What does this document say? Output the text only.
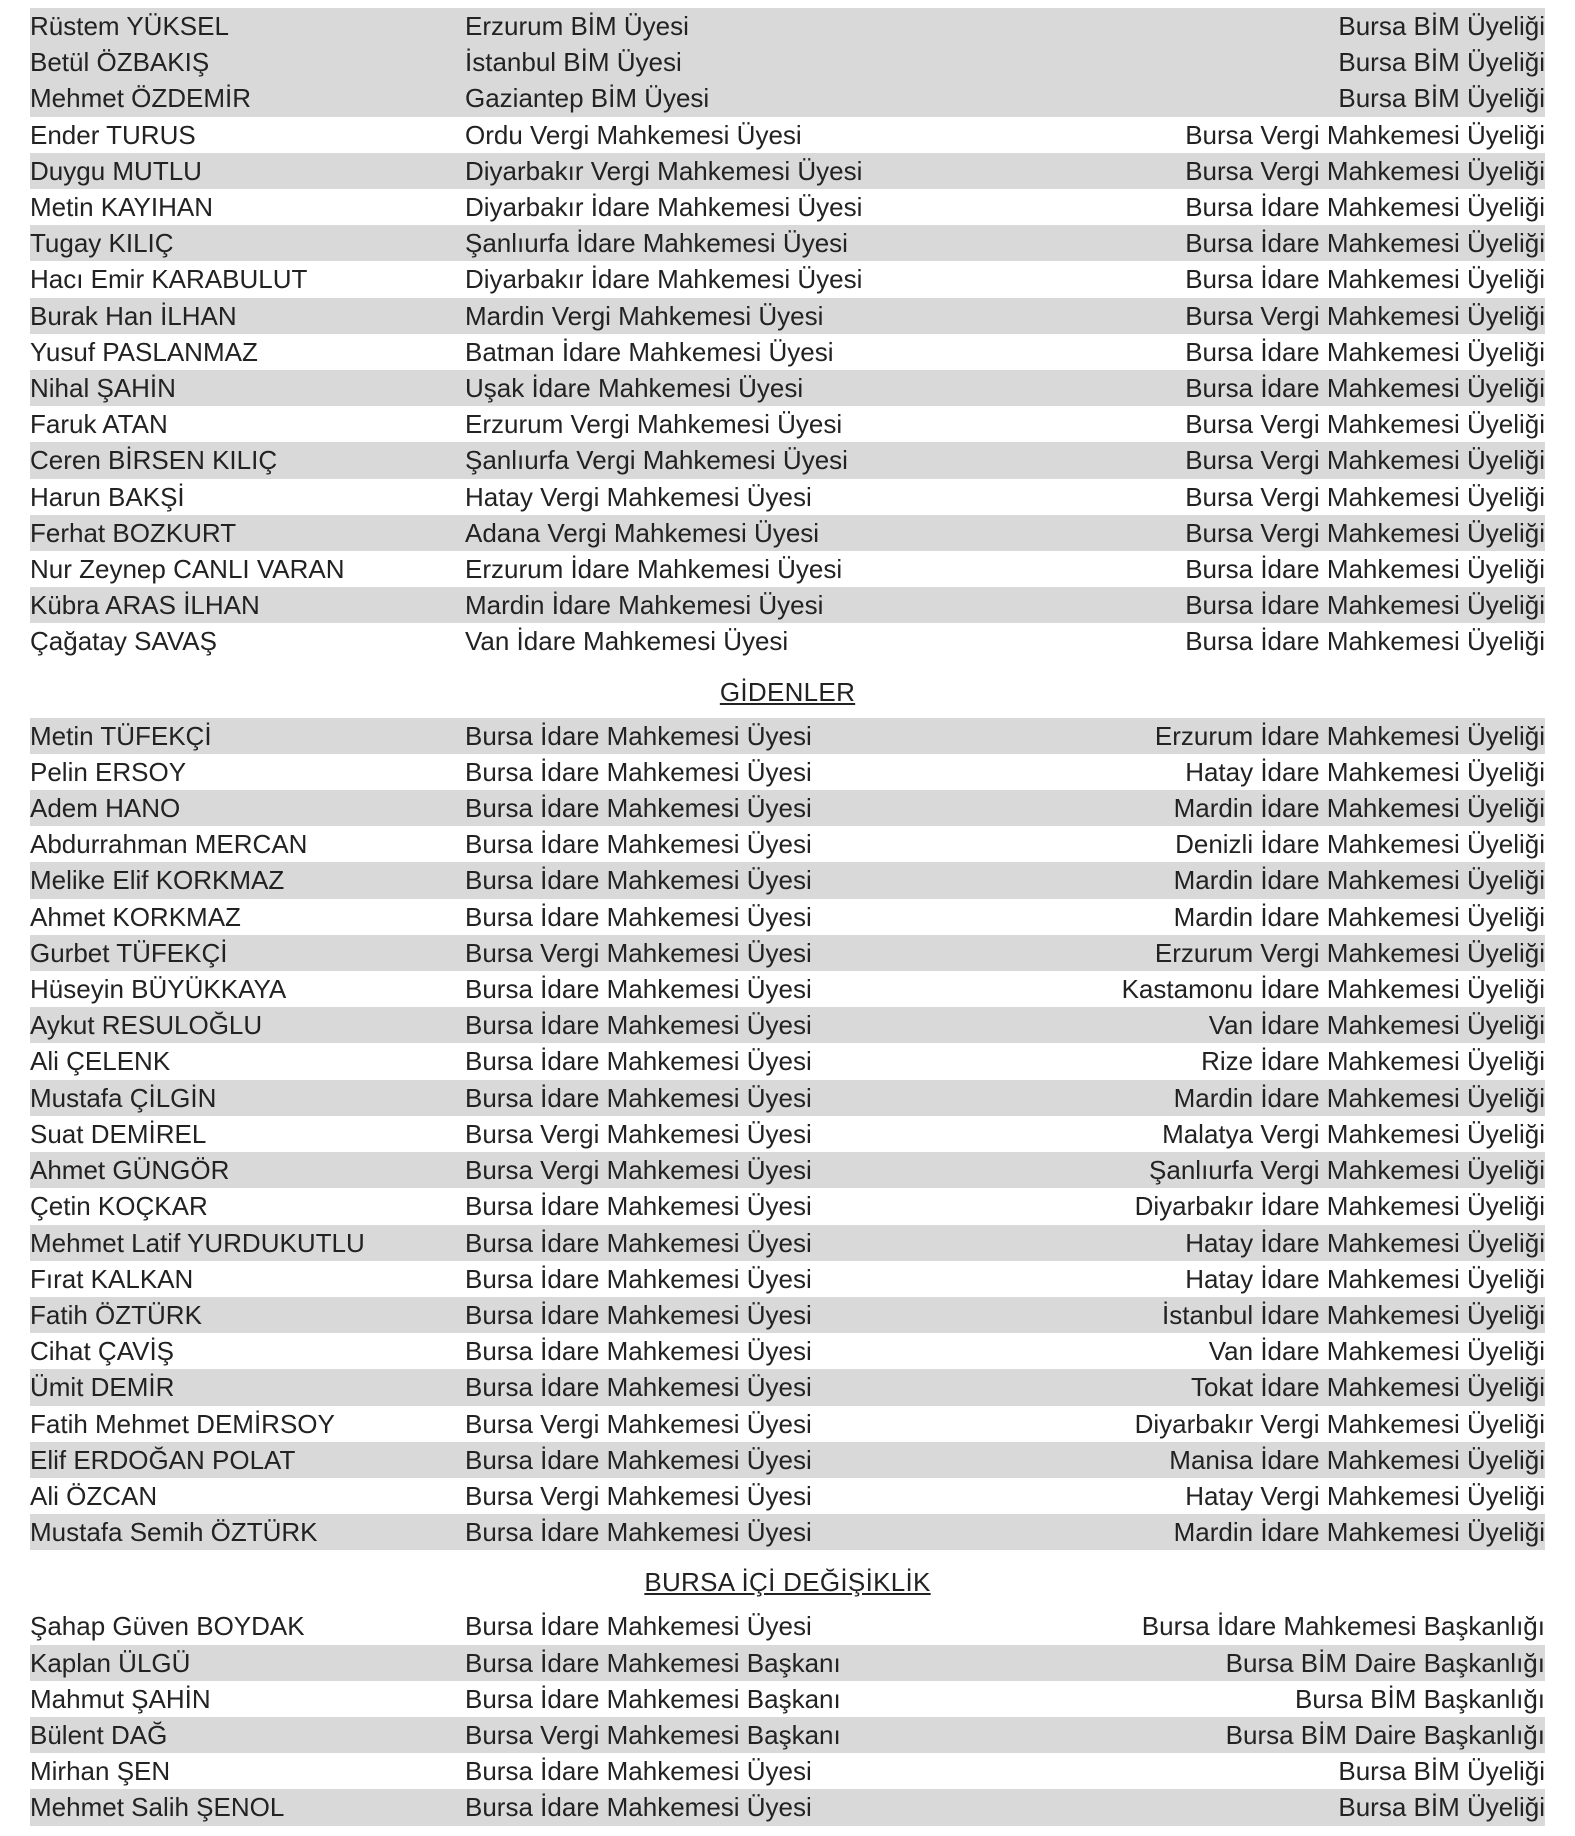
Rüstem YÜKSEL	Erzurum BİM Üyesi	Bursa BİM Üyeliği
Betül ÖZBAKIŞ	İstanbul BİM Üyesi	Bursa BİM Üyeliği
Mehmet ÖZDEMİR	Gaziantep BİM Üyesi	Bursa BİM Üyeliği
Ender TURUS	Ordu Vergi Mahkemesi Üyesi	Bursa Vergi Mahkemesi Üyeliği
Duygu MUTLU	Diyarbakır Vergi Mahkemesi Üyesi	Bursa Vergi Mahkemesi Üyeliği
Metin KAYIHAN	Diyarbakır İdare Mahkemesi Üyesi	Bursa İdare Mahkemesi Üyeliği
Tugay KILIÇ	Şanlıurfa İdare Mahkemesi Üyesi	Bursa İdare Mahkemesi Üyeliği
Hacı Emir KARABULUT	Diyarbakır İdare Mahkemesi Üyesi	Bursa İdare Mahkemesi Üyeliği
Burak Han İLHAN	Mardin Vergi Mahkemesi Üyesi	Bursa Vergi Mahkemesi Üyeliği
Yusuf PASLANMAZ	Batman İdare Mahkemesi Üyesi	Bursa İdare Mahkemesi Üyeliği
Nihal ŞAHİN	Uşak İdare Mahkemesi Üyesi	Bursa İdare Mahkemesi Üyeliği
Faruk ATAN	Erzurum Vergi Mahkemesi Üyesi	Bursa Vergi Mahkemesi Üyeliği
Ceren BİRSEN KILIÇ	Şanlıurfa Vergi Mahkemesi Üyesi	Bursa Vergi Mahkemesi Üyeliği
Harun BAKŞİ	Hatay Vergi Mahkemesi Üyesi	Bursa Vergi Mahkemesi Üyeliği
Ferhat BOZKURT	Adana Vergi Mahkemesi Üyesi	Bursa Vergi Mahkemesi Üyeliği
Nur Zeynep CANLI VARAN	Erzurum İdare Mahkemesi Üyesi	Bursa İdare Mahkemesi Üyeliği
Kübra ARAS İLHAN	Mardin İdare Mahkemesi Üyesi	Bursa İdare Mahkemesi Üyeliği
Çağatay SAVAŞ	Van İdare Mahkemesi Üyesi	Bursa İdare Mahkemesi Üyeliği
GİDENLER
Metin TÜFEKÇİ	Bursa İdare Mahkemesi Üyesi	Erzurum İdare Mahkemesi Üyeliği
Pelin ERSOY	Bursa İdare Mahkemesi Üyesi	Hatay İdare Mahkemesi Üyeliği
Adem HANO	Bursa İdare Mahkemesi Üyesi	Mardin İdare Mahkemesi Üyeliği
Abdurrahman MERCAN	Bursa İdare Mahkemesi Üyesi	Denizli İdare Mahkemesi Üyeliği
Melike Elif KORKMAZ	Bursa İdare Mahkemesi Üyesi	Mardin İdare Mahkemesi Üyeliği
Ahmet KORKMAZ	Bursa İdare Mahkemesi Üyesi	Mardin İdare Mahkemesi Üyeliği
Gurbet TÜFEKÇİ	Bursa Vergi Mahkemesi Üyesi	Erzurum Vergi Mahkemesi Üyeliği
Hüseyin BÜYÜKKAYA	Bursa İdare Mahkemesi Üyesi	Kastamonu İdare Mahkemesi Üyeliği
Aykut RESULOĞLU	Bursa İdare Mahkemesi Üyesi	Van İdare Mahkemesi Üyeliği
Ali ÇELENK	Bursa İdare Mahkemesi Üyesi	Rize İdare Mahkemesi Üyeliği
Mustafa ÇİLGİN	Bursa İdare Mahkemesi Üyesi	Mardin İdare Mahkemesi Üyeliği
Suat DEMİREL	Bursa Vergi Mahkemesi Üyesi	Malatya Vergi Mahkemesi Üyeliği
Ahmet GÜNGÖR	Bursa Vergi Mahkemesi Üyesi	Şanlıurfa Vergi Mahkemesi Üyeliği
Çetin KOÇKAR	Bursa İdare Mahkemesi Üyesi	Diyarbakır İdare Mahkemesi Üyeliği
Mehmet Latif YURDUKUTLU	Bursa İdare Mahkemesi Üyesi	Hatay İdare Mahkemesi Üyeliği
Fırat KALKAN	Bursa İdare Mahkemesi Üyesi	Hatay İdare Mahkemesi Üyeliği
Fatih ÖZTÜRK	Bursa İdare Mahkemesi Üyesi	İstanbul İdare Mahkemesi Üyeliği
Cihat ÇAVİŞ	Bursa İdare Mahkemesi Üyesi	Van İdare Mahkemesi Üyeliği
Ümit DEMİR	Bursa İdare Mahkemesi Üyesi	Tokat İdare Mahkemesi Üyeliği
Fatih Mehmet DEMİRSOY	Bursa Vergi Mahkemesi Üyesi	Diyarbakır Vergi Mahkemesi Üyeliği
Elif ERDOĞAN POLAT	Bursa İdare Mahkemesi Üyesi	Manisa İdare Mahkemesi Üyeliği
Ali ÖZCAN	Bursa Vergi Mahkemesi Üyesi	Hatay Vergi Mahkemesi Üyeliği
Mustafa Semih ÖZTÜRK	Bursa İdare Mahkemesi Üyesi	Mardin İdare Mahkemesi Üyeliği
BURSA İÇİ DEĞİŞİKLİK
Şahap Güven BOYDAK	Bursa İdare Mahkemesi Üyesi	Bursa İdare Mahkemesi Başkanlığı
Kaplan ÜLGÜ	Bursa İdare Mahkemesi Başkanı	Bursa BİM Daire Başkanlığı
Mahmut ŞAHİN	Bursa İdare Mahkemesi Başkanı	Bursa BİM Başkanlığı
Bülent DAĞ	Bursa Vergi Mahkemesi Başkanı	Bursa BİM Daire Başkanlığı
Mirhan ŞEN	Bursa İdare Mahkemesi Üyesi	Bursa BİM Üyeliği
Mehmet Salih ŞENOL	Bursa İdare Mahkemesi Üyesi	Bursa BİM Üyeliği
